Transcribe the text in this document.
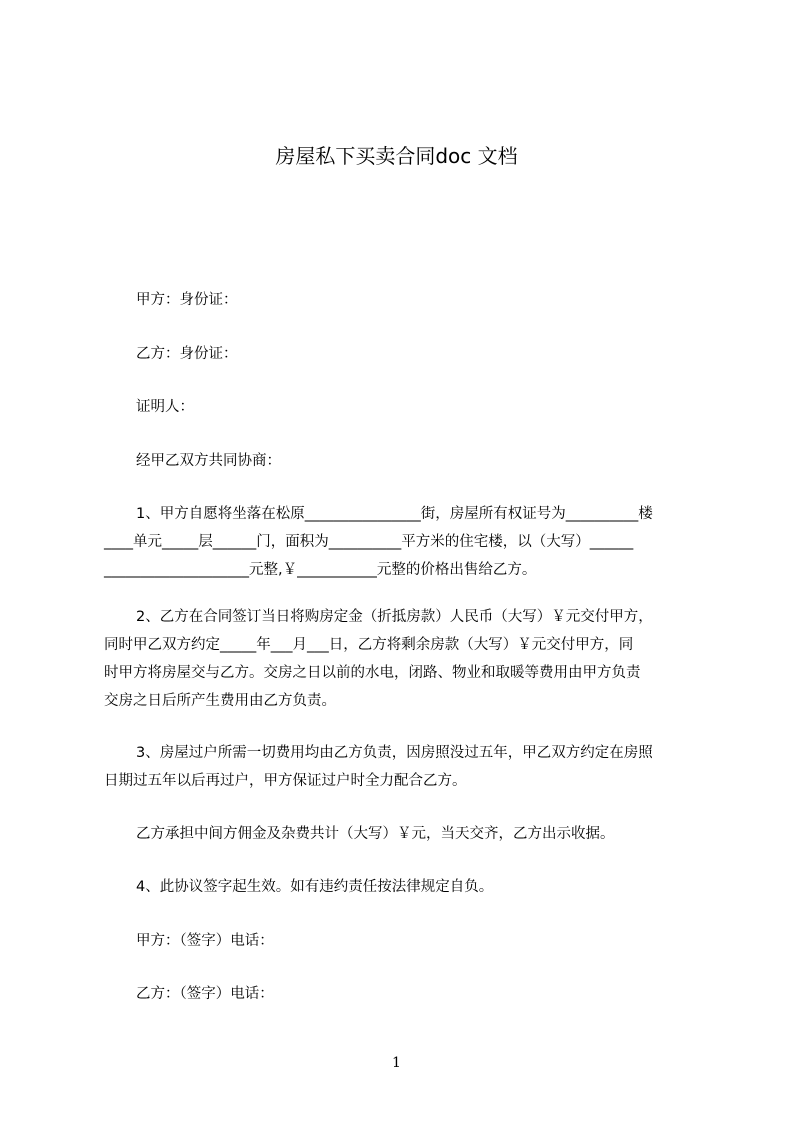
房屋私下买卖合同doc 文档

甲方：身份证：

乙方：身份证：

证明人：

经甲乙双方共同协商：

1、甲方自愿将坐落在松原________________街，房屋所有权证号为__________楼
____单元_____层______门，面积为__________平方米的住宅楼，以（大写）______
____________________元整,￥___________元整的价格出售给乙方。

2、乙方在合同签订当日将购房定金（折抵房款）人民币（大写）￥元交付甲方，
同时甲乙双方约定_____年___月___日，乙方将剩余房款（大写）￥元交付甲方，同
时甲方将房屋交与乙方。交房之日以前的水电，闭路、物业和取暖等费用由甲方负责
交房之日后所产生费用由乙方负责。

3、房屋过户所需一切费用均由乙方负责，因房照没过五年，甲乙双方约定在房照
日期过五年以后再过户，甲方保证过户时全力配合乙方。

乙方承担中间方佣金及杂费共计（大写）￥元，当天交齐，乙方出示收据。

4、此协议签字起生效。如有违约责任按法律规定自负。

甲方：（签字）电话：

乙方：（签字）电话：

1
